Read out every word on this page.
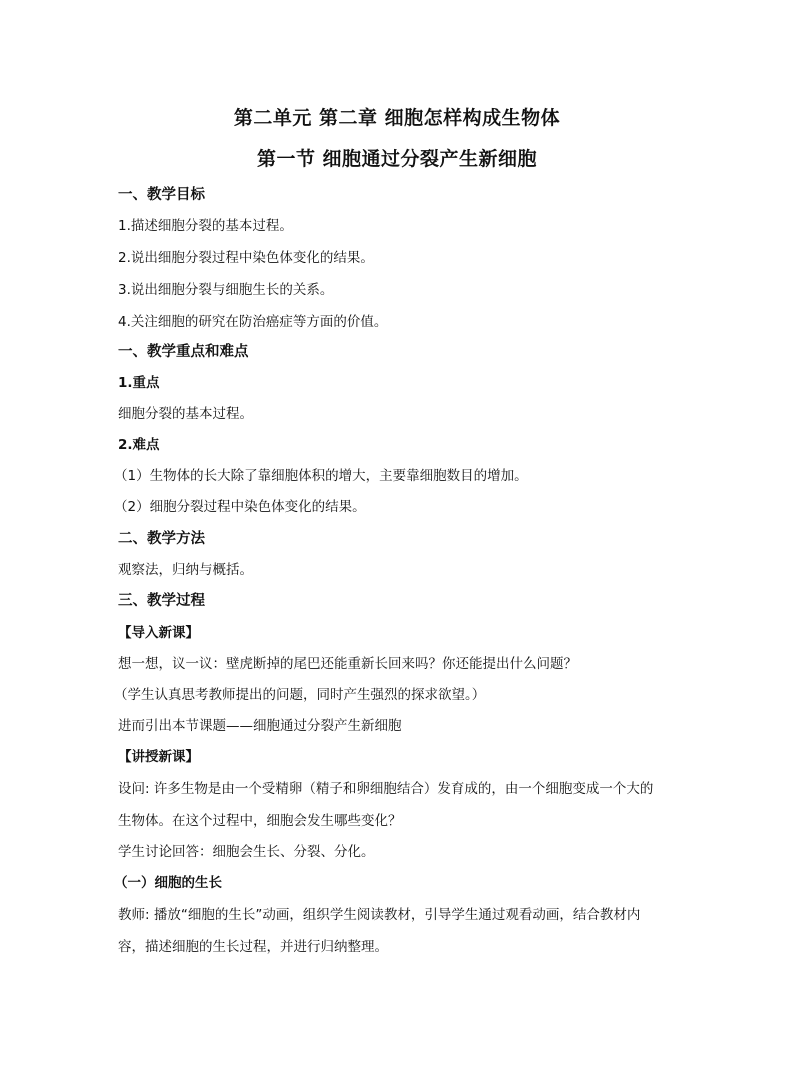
第二单元 第二章 细胞怎样构成生物体
第一节 细胞通过分裂产生新细胞
一、教学目标
1.描述细胞分裂的基本过程。
2.说出细胞分裂过程中染色体变化的结果。
3.说出细胞分裂与细胞生长的关系。
4.关注细胞的研究在防治癌症等方面的价值。
一、教学重点和难点
1.重点
细胞分裂的基本过程。
2.难点
（1）生物体的长大除了靠细胞体积的增大，主要靠细胞数目的增加。
（2）细胞分裂过程中染色体变化的结果。
二、教学方法
观察法，归纳与概括。
三、教学过程
【导入新课】
想一想，议一议：壁虎断掉的尾巴还能重新长回来吗？你还能提出什么问题？
（学生认真思考教师提出的问题，同时产生强烈的探求欲望。）
进而引出本节课题——细胞通过分裂产生新细胞
【讲授新课】
设问: 许多生物是由一个受精卵（精子和卵细胞结合）发育成的，由一个细胞变成一个大的
生物体。在这个过程中，细胞会发生哪些变化？
学生讨论回答：细胞会生长、分裂、分化。
（一）细胞的生长
教师: 播放“细胞的生长”动画，组织学生阅读教材，引导学生通过观看动画，结合教材内
容，描述细胞的生长过程，并进行归纳整理。
